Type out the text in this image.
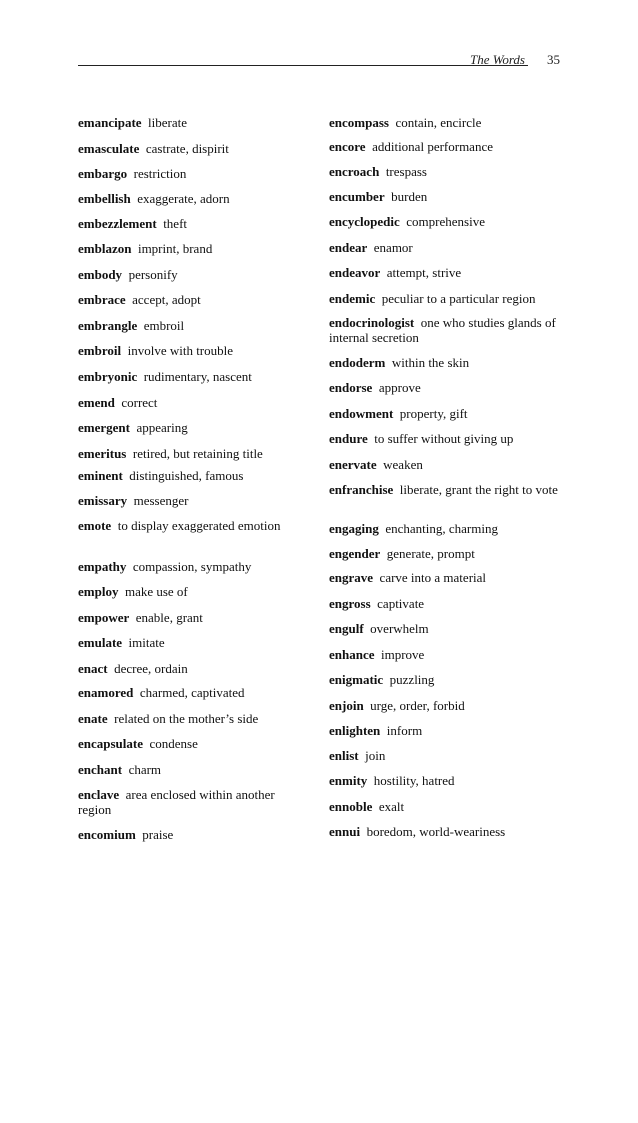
The Words 35
emancipate  liberate
emasculate  castrate, dispirit
embargo  restriction
embellish  exaggerate, adorn
embezzlement  theft
emblazon  imprint, brand
embody  personify
embrace  accept, adopt
embrangle  embroil
embroil  involve with trouble
embryonic  rudimentary, nascent
emend  correct
emergent  appearing
emeritus  retired, but retaining title
eminent  distinguished, famous
emissary  messenger
emote  to display exaggerated emotion
empathy  compassion, sympathy
employ  make use of
empower  enable, grant
emulate  imitate
enact  decree, ordain
enamored  charmed, captivated
enate  related on the mother’s side
encapsulate  condense
enchant  charm
enclave  area enclosed within another region
encomium  praise
encompass  contain, encircle
encore  additional performance
encroach  trespass
encumber  burden
encyclopedic  comprehensive
endear  enamor
endeavor  attempt, strive
endemic  peculiar to a particular region
endocrinologist  one who studies glands of internal secretion
endoderm  within the skin
endorse  approve
endowment  property, gift
endure  to suffer without giving up
enervate  weaken
enfranchise  liberate, grant the right to vote
engaging  enchanting, charming
engender  generate, prompt
engrave  carve into a material
engross  captivate
engulf  overwhelm
enhance  improve
enigmatic  puzzling
enjoin  urge, order, forbid
enlighten  inform
enlist  join
enmity  hostility, hatred
ennoble  exalt
ennui  boredom, world-weariness
